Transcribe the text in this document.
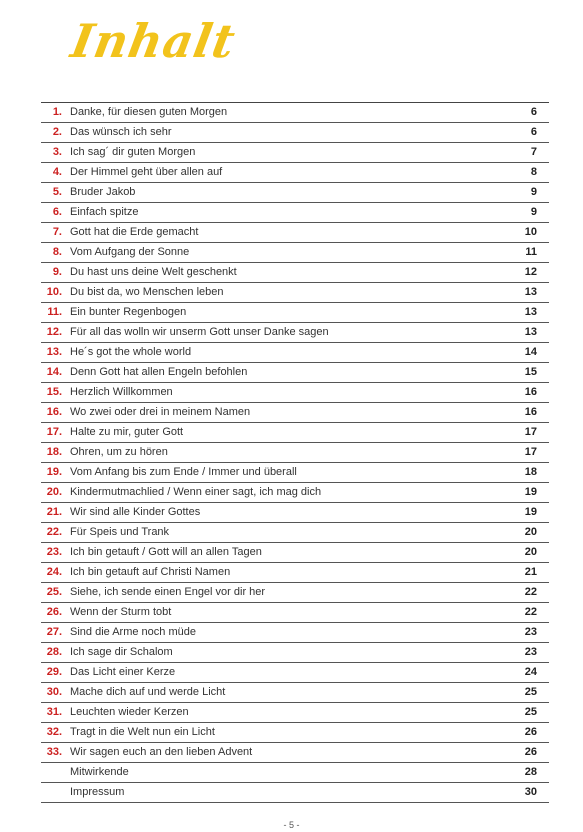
Inhalt
1. Danke, für diesen guten Morgen	6
2. Das wünsch ich sehr	6
3. Ich sag´ dir guten Morgen	7
4. Der Himmel geht über allen auf	8
5. Bruder Jakob	9
6. Einfach spitze	9
7. Gott hat die Erde gemacht	10
8. Vom Aufgang der Sonne	11
9. Du hast uns deine Welt geschenkt	12
10. Du bist da, wo Menschen leben	13
11. Ein bunter Regenbogen	13
12. Für all das wolln wir unserm Gott unser Danke sagen	13
13. He´s got the whole world	14
14. Denn Gott hat allen Engeln befohlen	15
15. Herzlich Willkommen	16
16. Wo zwei oder drei in meinem Namen	16
17. Halte zu mir, guter Gott	17
18. Ohren, um zu hören	17
19. Vom Anfang bis zum Ende / Immer und überall	18
20. Kindermutmachlied / Wenn einer sagt, ich mag dich	19
21. Wir sind alle Kinder Gottes	19
22. Für Speis und Trank	20
23. Ich bin getauft / Gott will an allen Tagen	20
24. Ich bin getauft auf Christi Namen	21
25. Siehe, ich sende einen Engel vor dir her	22
26. Wenn der Sturm tobt	22
27. Sind die Arme noch müde	23
28. Ich sage dir Schalom	23
29. Das Licht einer Kerze	24
30. Mache dich auf und werde Licht	25
31. Leuchten wieder Kerzen	25
32. Tragt in die Welt nun ein Licht	26
33. Wir sagen euch an den lieben Advent	26
Mitwirkende	28
Impressum	30
- 5 -
